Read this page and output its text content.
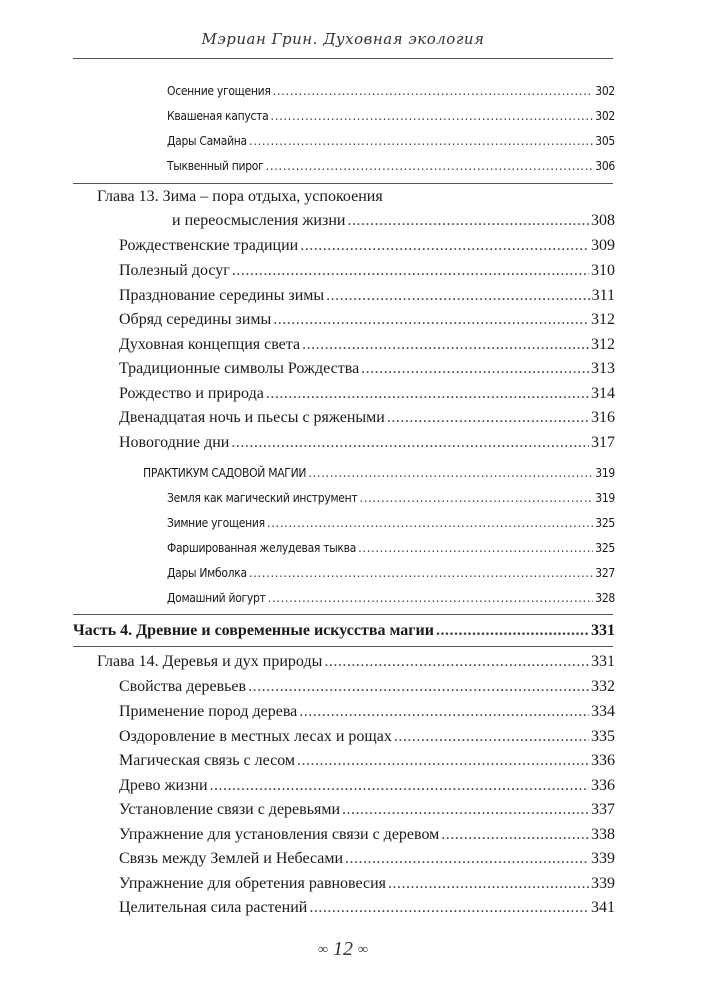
Мэриан Грин. Духовная экология
Осенние угощения .....	302
Квашеная капуста .....	302
Дары Самайна .....	305
Тыквенный пирог .....	306
Глава 13. Зима – пора отдыха, успокоения
и переосмысления жизни .....	308
Рождественские традиции .....	309
Полезный досуг .....	310
Празднование середины зимы .....	311
Обряд середины зимы .....	312
Духовная концепция света .....	312
Традиционные символы Рождества .....	313
Рождество и природа .....	314
Двенадцатая ночь и пьесы с ряжеными .....	316
Новогодние дни .....	317
ПРАКТИКУМ САДОВОЙ МАГИИ .....	319
Земля как магический инструмент .....	319
Зимние угощения .....	325
Фаршированная желудевая тыква .....	325
Дары Имболка .....	327
Домашний йогурт .....	328
Часть 4. Древние и современные искусства магии .....	331
Глава 14. Деревья и дух природы .....	331
Свойства деревьев .....	332
Применение пород дерева .....	334
Оздоровление в местных лесах и рощах .....	335
Магическая связь с лесом .....	336
Древо жизни .....	336
Установление связи с деревьями .....	337
Упражнение для установления связи с деревом .....	338
Связь между Землей и Небесами .....	339
Упражнение для обретения равновесия .....	339
Целительная сила растений .....	341
∞ 12 ∞
